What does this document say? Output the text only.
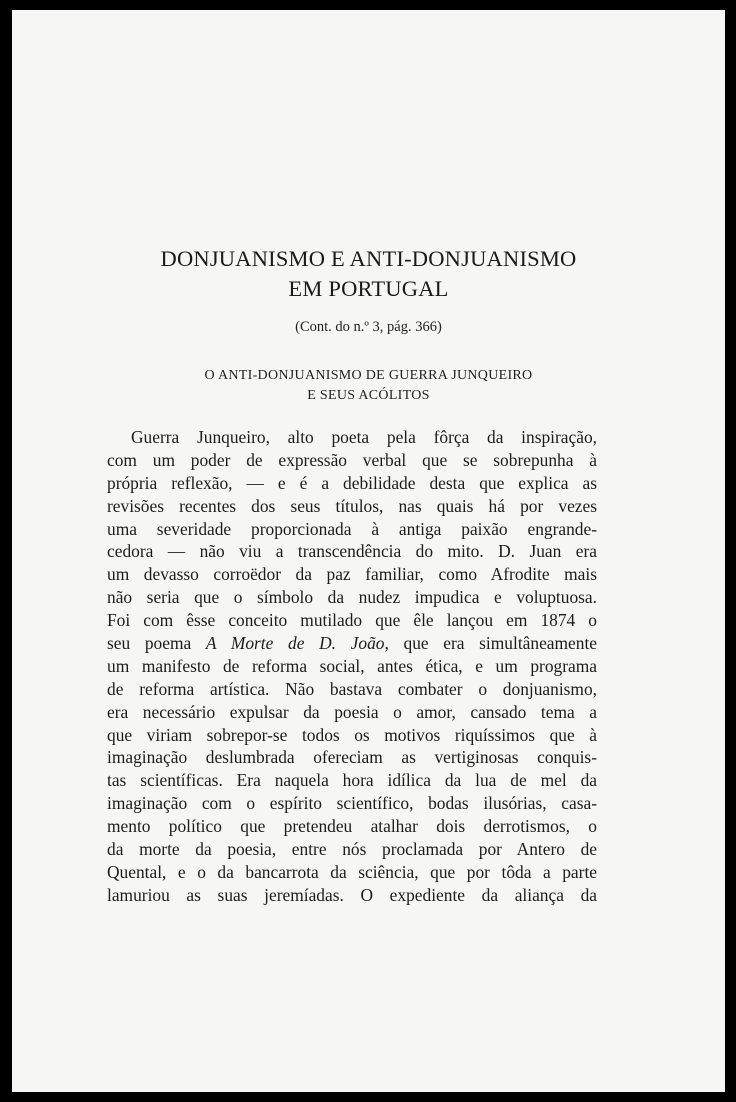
DONJUANISMO E ANTI-DONJUANISMO
EM PORTUGAL
(Cont. do n.º 3, pág. 366)
O ANTI-DONJUANISMO DE GUERRA JUNQUEIRO
E SEUS ACÓLITOS
Guerra Junqueiro, alto poeta pela fôrça da inspiração,
com um poder de expressão verbal que se sobrepunha à
própria reflexão, — e é a debilidade desta que explica as
revisões recentes dos seus títulos, nas quais há por vezes
uma severidade proporcionada à antiga paixão engrande-
cedora — não viu a transcendência do mito. D. Juan era
um devasso corroëdor da paz familiar, como Afrodite mais
não seria que o símbolo da nudez impudica e voluptuosa.
Foi com êsse conceito mutilado que êle lançou em 1874 o
seu poema A Morte de D. João, que era simultâneamente
um manifesto de reforma social, antes ética, e um programa
de reforma artística. Não bastava combater o donjuanismo,
era necessário expulsar da poesia o amor, cansado tema a
que viriam sobrepor-se todos os motivos riquíssimos que à
imaginação deslumbrada ofereciam as vertiginosas conquis-
tas scientíficas. Era naquela hora idílica da lua de mel da
imaginação com o espírito scientífico, bodas ilusórias, casa-
mento político que pretendeu atalhar dois derrotismos, o
da morte da poesia, entre nós proclamada por Antero de
Quental, e o da bancarrota da sciência, que por tôda a parte
lamuriou as suas jeremíadas. O expediente da aliança da
